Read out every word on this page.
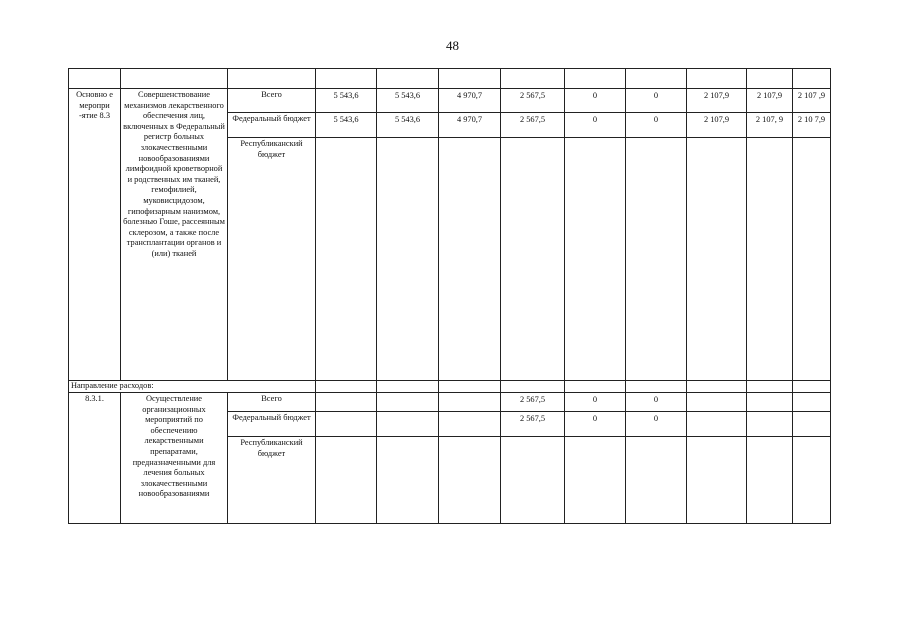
48

Основно е меропри -ятие 8.3	Совершенствование механизмов лекарственного обеспечения лиц, включенных в Федеральный регистр больных злокачественными новообразованиями лимфоидной кроветворной и родственных им тканей, гемофилией, муковисцидозом, гипофизарным нанизмом, болезнью Гоше, рассеянным склерозом, а также после трансплантации органов и (или) тканей	Всего	5 543,6	5 543,6	4 970,7	2 567,5	0	0	2 107,9	2 107,9	2 107 ,9
		Федеральный бюджет	5 543,6	5 543,6	4 970,7	2 567,5	0	0	2 107,9	2 107, 9	2 10 7,9
		Республиканский бюджет									
Направление расходов:											
8.3.1.	Осуществление организационных мероприятий по обеспечению лекарственными препаратами, предназначенными для лечения больных злокачественными новообразованиями	Всего				2 567,5	0	0			
		Федеральный бюджет				2 567,5	0	0			
		Республиканский бюджет									
